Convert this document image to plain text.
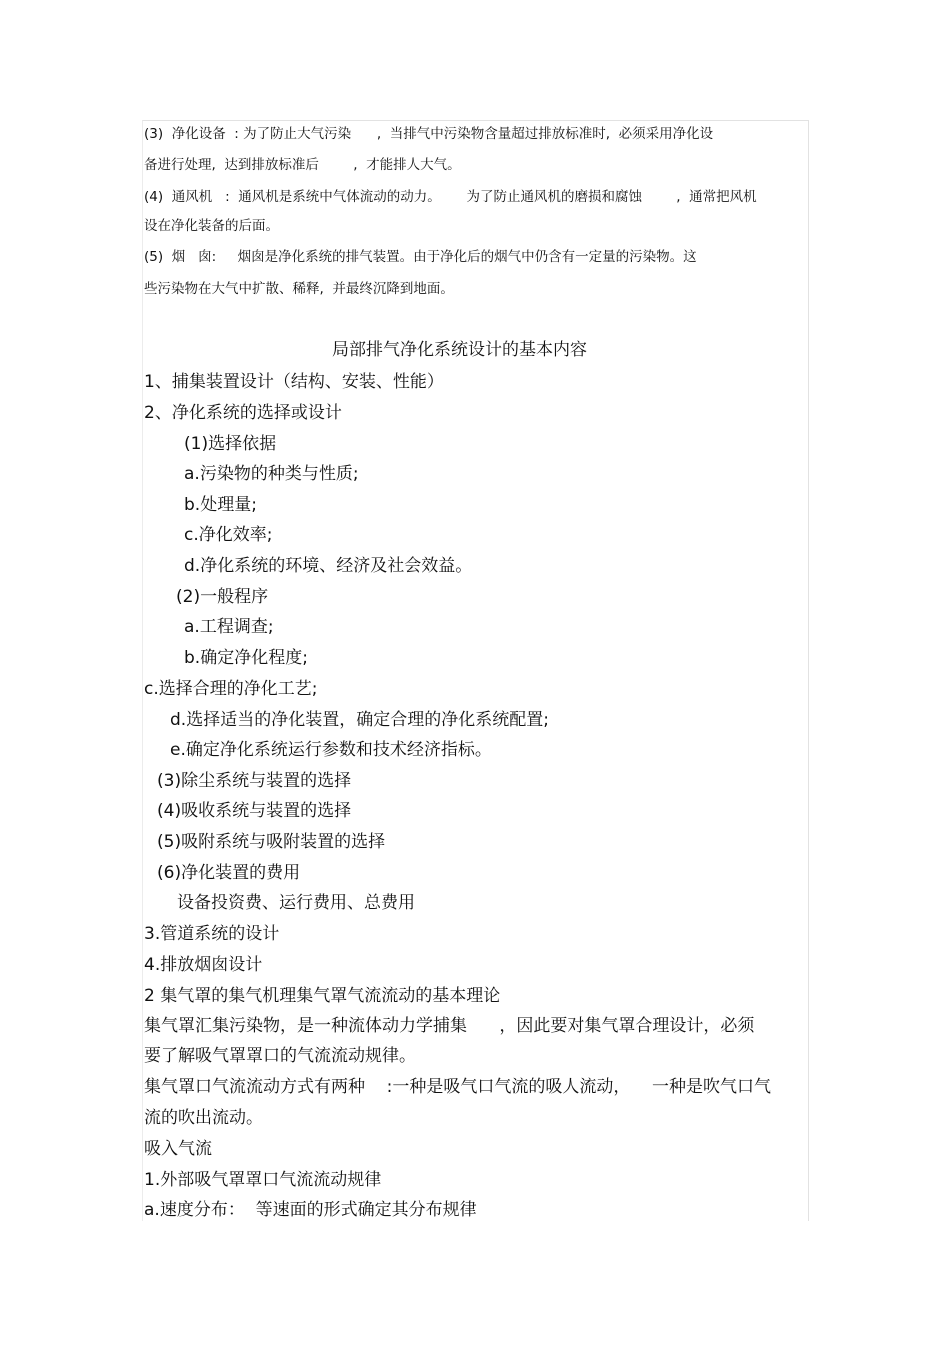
(3)  净化设备  : 为了防止大气污染      ,  当排气中污染物含量超过排放标准时,  必须采用净化设
备进行处理,  达到排放标准后        ,  才能排人大气。
(4)  通风机   :  通风机是系统中气体流动的动力。      为了防止通风机的磨损和腐蚀        ,  通常把风机
设在净化装备的后面。
(5)  烟   囱:     烟囱是净化系统的排气装置。由于净化后的烟气中仍含有一定量的污染物。这
些污染物在大气中扩散、稀释,  并最终沉降到地面。
局部排气净化系统设计的基本内容
1、捕集装置设计（结构、安装、性能）
2、净化系统的选择或设计
(1)选择依据
a.污染物的种类与性质;
b.处理量;
c.净化效率;
d.净化系统的环境、经济及社会效益。
(2)一般程序
a.工程调查;
b.确定净化程度;
c.选择合理的净化工艺;
d.选择适当的净化装置，确定合理的净化系统配置;
e.确定净化系统运行参数和技术经济指标。
(3)除尘系统与装置的选择
(4)吸收系统与装置的选择
(5)吸附系统与吸附装置的选择
(6)净化装置的费用
设备投资费、运行费用、总费用
3.管道系统的设计
4.排放烟囱设计
2 集气罩的集气机理集气罩气流流动的基本理论
集气罩汇集污染物，是一种流体动力学捕集      ，因此要对集气罩合理设计，必须
要了解吸气罩罩口的气流流动规律。
集气罩口气流流动方式有两种    :一种是吸气口气流的吸人流动，    一种是吹气口气
流的吹出流动。
吸入气流
1.外部吸气罩罩口气流流动规律
a.速度分布：  等速面的形式确定其分布规律
